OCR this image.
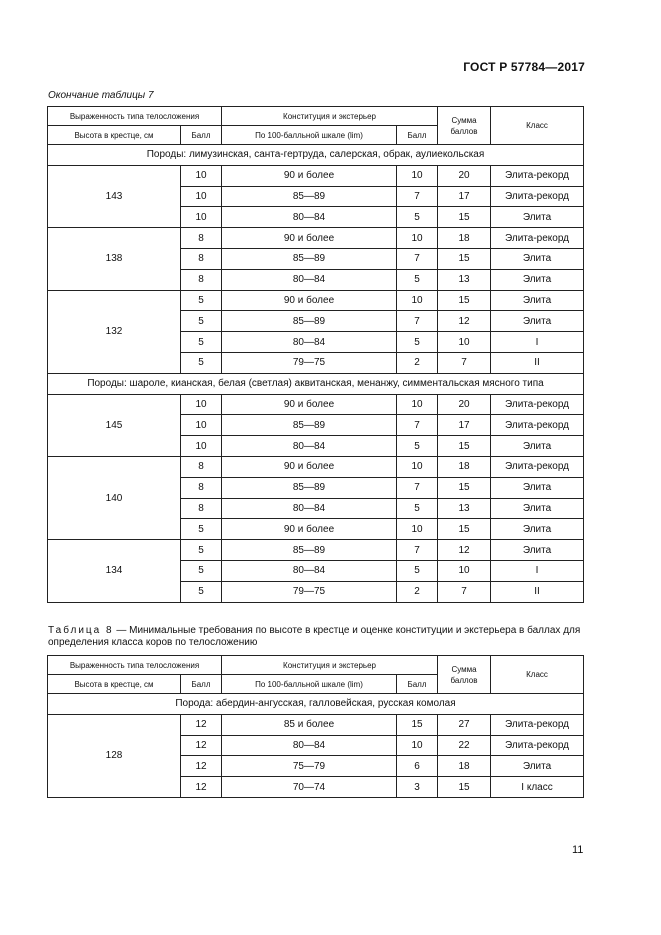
ГОСТ Р 57784—2017
Окончание таблицы 7
Выраженность типа телосложения		Конституция и экстерьер		Сумма баллов	Класс
Высота в крестце, см	Балл	По 100-балльной шкале (lim)	Балл		
Породы: лимузинская, санта-гертруда, салерская, обрак, аулиекольская					
143	10	90 и более	10	20	Элита-рекорд
	10	85—89	7	17	Элита-рекорд
	10	80—84	5	15	Элита
138	8	90 и более	10	18	Элита-рекорд
	8	85—89	7	15	Элита
	8	80—84	5	13	Элита
132	5	90 и более	10	15	Элита
	5	85—89	7	12	Элита
	5	80—84	5	10	I
	5	79—75	2	7	II
Породы: шароле, кианская, белая (светлая) аквитанская, менанжу, симментальская мясного типа					
145	10	90 и более	10	20	Элита-рекорд
	10	85—89	7	17	Элита-рекорд
	10	80—84	5	15	Элита
140	8	90 и более	10	18	Элита-рекорд
	8	85—89	7	15	Элита
	8	80—84	5	13	Элита
	5	90 и более	10	15	Элита
134	5	85—89	7	12	Элита
	5	80—84	5	10	I
	5	79—75	2	7	II
Таблица 8 — Минимальные требования по высоте в крестце и оценке конституции и экстерьера в баллах для определения класса коров по телосложению
Выраженность типа телосложения		Конституция и экстерьер		Сумма баллов	Класс
Высота в крестце, см	Балл	По 100-балльной шкале (lim)	Балл		
Порода: абердин-ангусская, галловейская, русская комолая					
128	12	85 и более	15	27	Элита-рекорд
	12	80—84	10	22	Элита-рекорд
	12	75—79	6	18	Элита
	12	70—74	3	15	I класс
11
